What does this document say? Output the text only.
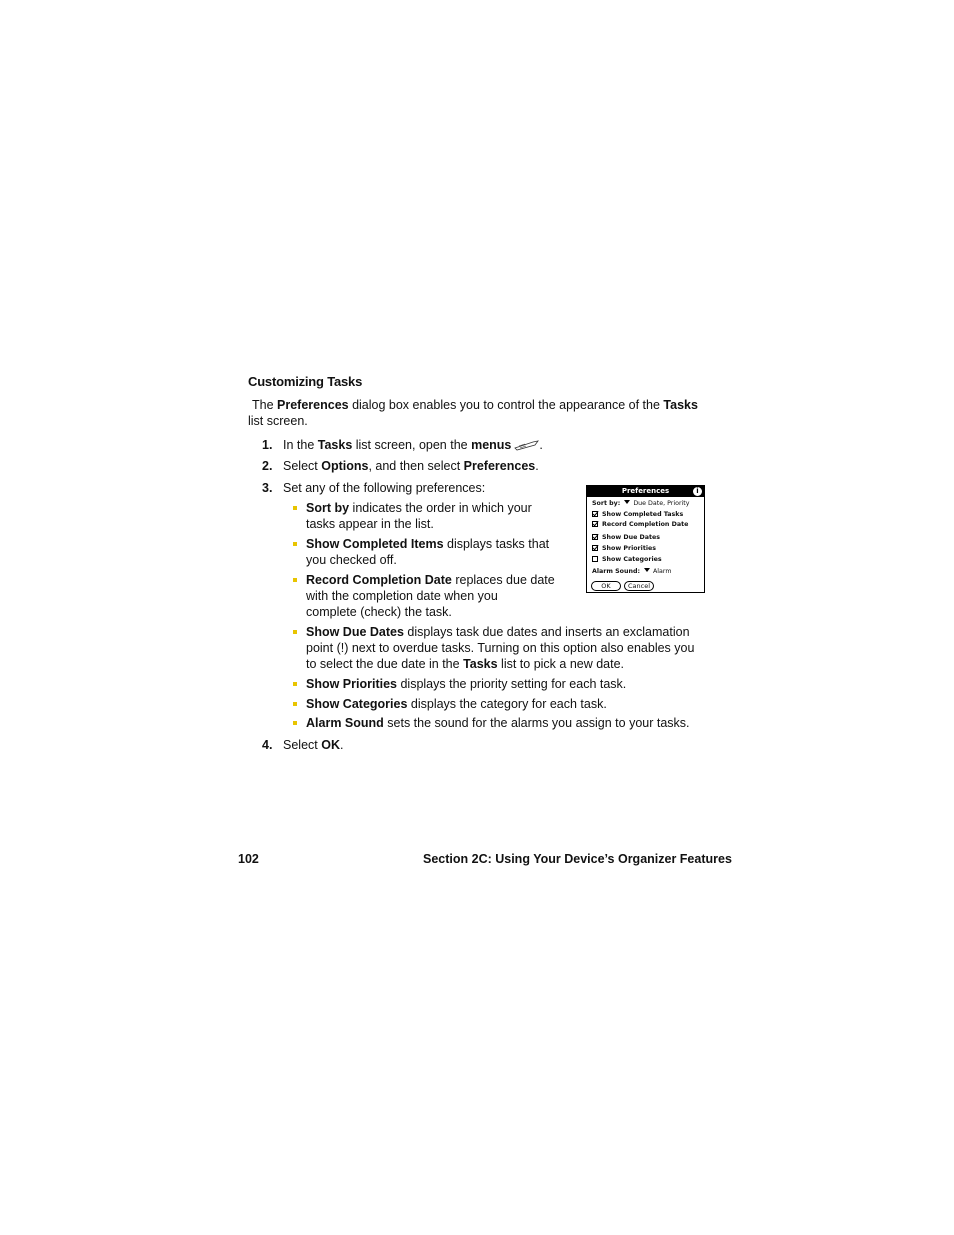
Customizing Tasks
The Preferences dialog box enables you to control the appearance of the Tasks
list screen.
1. In the Tasks list screen, open the menus .
2. Select Options, and then select Preferences.
3. Set any of the following preferences:
Sort by indicates the order in which your
tasks appear in the list.
Show Completed Items displays tasks that
you checked off.
Record Completion Date replaces due date
with the completion date when you
complete (check) the task.
Show Due Dates displays task due dates and inserts an exclamation
point (!) next to overdue tasks. Turning on this option also enables you
to select the due date in the Tasks list to pick a new date.
Show Priorities displays the priority setting for each task.
Show Categories displays the category for each task.
Alarm Sound sets the sound for the alarms you assign to your tasks.
4. Select OK.
Preferences	i
Sort by: Due Date, Priority
Show Completed Tasks
Record Completion Date
Show Due Dates
Show Priorities
Show Categories
Alarm Sound: Alarm
OK	Cancel
102	Section 2C: Using Your Device’s Organizer Features
